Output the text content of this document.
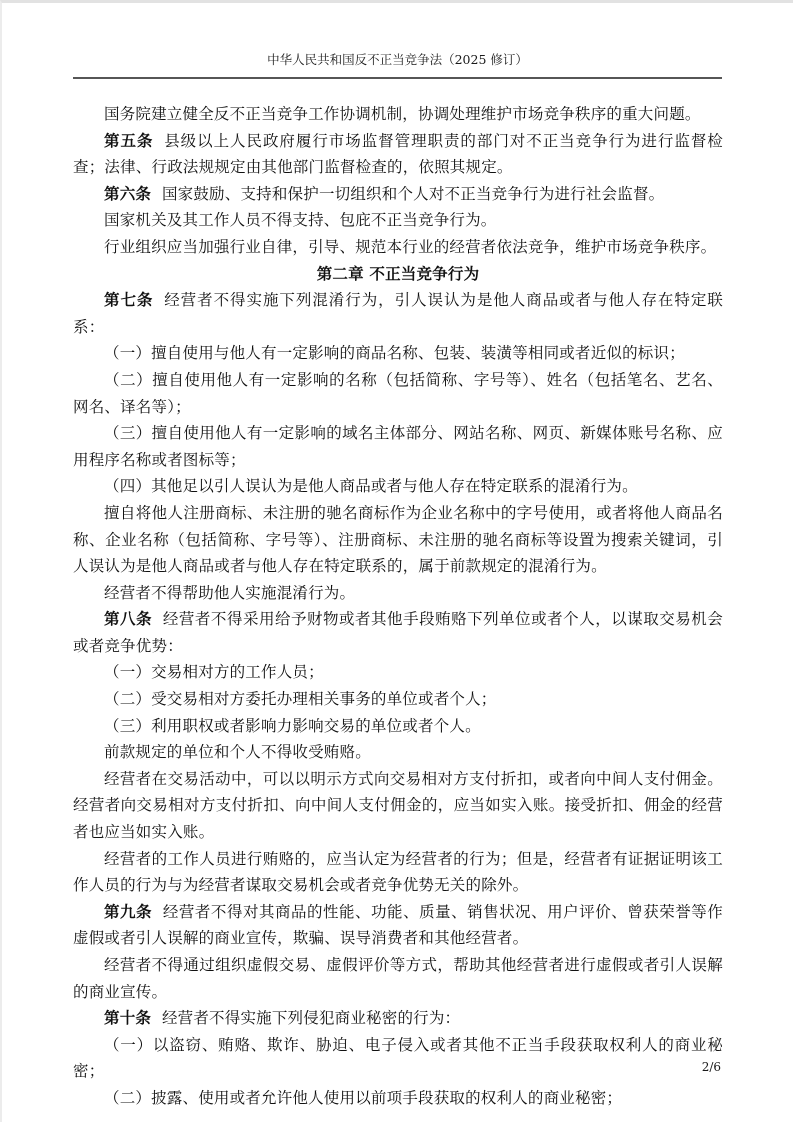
中华人民共和国反不正当竞争法（2025 修订）

国务院建立健全反不正当竞争工作协调机制，协调处理维护市场竞争秩序的重大问题。

第五条 县级以上人民政府履行市场监督管理职责的部门对不正当竞争行为进行监督检查；法律、行政法规规定由其他部门监督检查的，依照其规定。

第六条 国家鼓励、支持和保护一切组织和个人对不正当竞争行为进行社会监督。

国家机关及其工作人员不得支持、包庇不正当竞争行为。

行业组织应当加强行业自律，引导、规范本行业的经营者依法竞争，维护市场竞争秩序。

第二章 不正当竞争行为

第七条 经营者不得实施下列混淆行为，引人误认为是他人商品或者与他人存在特定联系：

（一）擅自使用与他人有一定影响的商品名称、包装、装潢等相同或者近似的标识；

（二）擅自使用他人有一定影响的名称（包括简称、字号等）、姓名（包括笔名、艺名、网名、译名等）；

（三）擅自使用他人有一定影响的域名主体部分、网站名称、网页、新媒体账号名称、应用程序名称或者图标等；

（四）其他足以引人误认为是他人商品或者与他人存在特定联系的混淆行为。

擅自将他人注册商标、未注册的驰名商标作为企业名称中的字号使用，或者将他人商品名称、企业名称（包括简称、字号等）、注册商标、未注册的驰名商标等设置为搜索关键词，引人误认为是他人商品或者与他人存在特定联系的，属于前款规定的混淆行为。

经营者不得帮助他人实施混淆行为。

第八条 经营者不得采用给予财物或者其他手段贿赂下列单位或者个人，以谋取交易机会或者竞争优势：

（一）交易相对方的工作人员；

（二）受交易相对方委托办理相关事务的单位或者个人；

（三）利用职权或者影响力影响交易的单位或者个人。

前款规定的单位和个人不得收受贿赂。

经营者在交易活动中，可以以明示方式向交易相对方支付折扣，或者向中间人支付佣金。经营者向交易相对方支付折扣、向中间人支付佣金的，应当如实入账。接受折扣、佣金的经营者也应当如实入账。

经营者的工作人员进行贿赂的，应当认定为经营者的行为；但是，经营者有证据证明该工作人员的行为与为经营者谋取交易机会或者竞争优势无关的除外。

第九条 经营者不得对其商品的性能、功能、质量、销售状况、用户评价、曾获荣誉等作虚假或者引人误解的商业宣传，欺骗、误导消费者和其他经营者。

经营者不得通过组织虚假交易、虚假评价等方式，帮助其他经营者进行虚假或者引人误解的商业宣传。

第十条 经营者不得实施下列侵犯商业秘密的行为：

（一）以盗窃、贿赂、欺诈、胁迫、电子侵入或者其他不正当手段获取权利人的商业秘密；

（二）披露、使用或者允许他人使用以前项手段获取的权利人的商业秘密；

2/6
